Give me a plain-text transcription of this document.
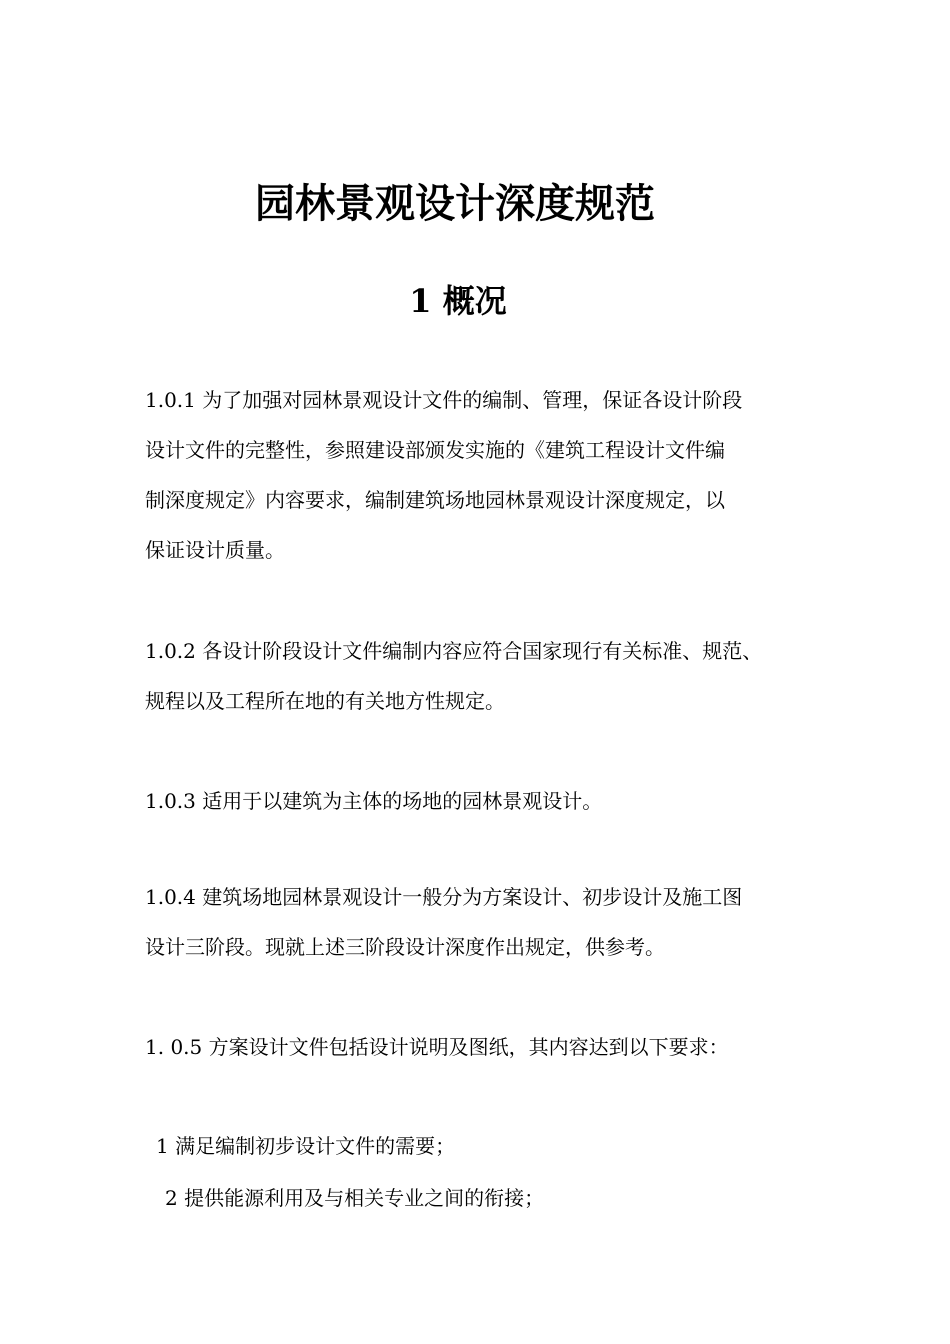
园林景观设计深度规范
1 概况
1.0.1 为了加强对园林景观设计文件的编制、管理，保证各设计阶段
设计文件的完整性，参照建设部颁发实施的《建筑工程设计文件编
制深度规定》内容要求，编制建筑场地园林景观设计深度规定，以
保证设计质量。
1.0.2 各设计阶段设计文件编制内容应符合国家现行有关标准、规范、
规程以及工程所在地的有关地方性规定。
1.0.3 适用于以建筑为主体的场地的园林景观设计。
1.0.4 建筑场地园林景观设计一般分为方案设计、初步设计及施工图
设计三阶段。现就上述三阶段设计深度作出规定，供参考。
1. 0.5 方案设计文件包括设计说明及图纸，其内容达到以下要求：
1 满足编制初步设计文件的需要；
2 提供能源利用及与相关专业之间的衔接；
